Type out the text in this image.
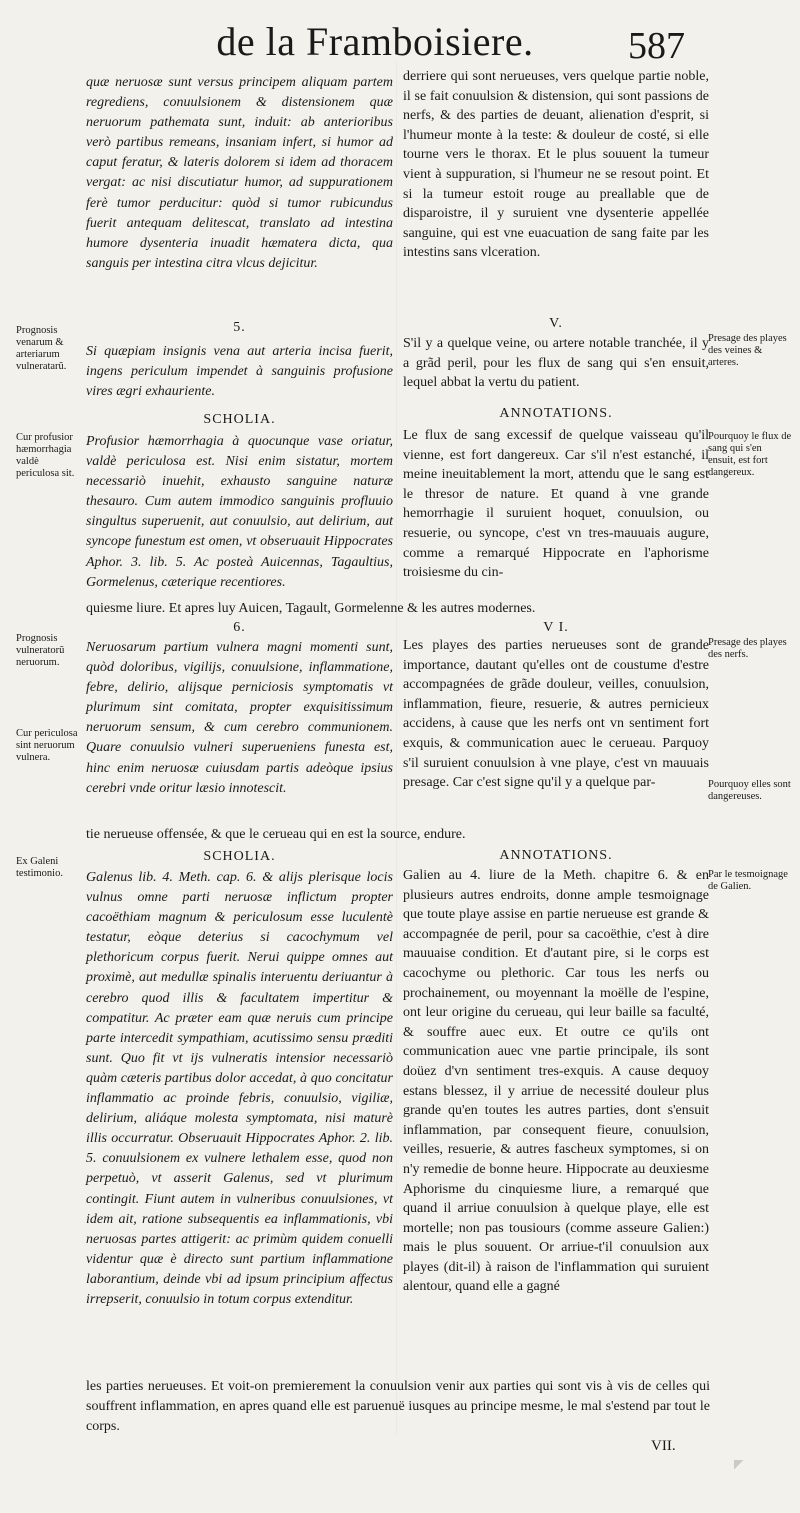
de la Framboisiere. 587
quæ neruosæ sunt versus principem aliquam partem regrediens, conuulsionem & distensionem quæ neruorum pathemata sunt, induit: ab anterioribus verò partibus remeans, insaniam infert, si humor ad caput feratur, & lateris dolorem si idem ad thoracem vergat: ac nisi discutiatur humor, ad suppurationem ferè tumor perducitur: quòd si tumor rubicundus fuerit antequam delitescat, translato ad intestina humore dysenteria inuadit hæmatera dicta, qua sanguis per intestina citra vlcus dejicitur.
5.
Si quæpiam insignis vena aut arteria incisa fuerit, ingens periculum impendet à sanguinis profusione vires ægri exhauriente.
SCHOLIA.
Profusior hæmorrhagia à quocunque vase oriatur, valdè periculosa est. Nisi enim sistatur, mortem necessariò inuehit, exhausto sanguine naturæ thesauro. Cum autem immodico sanguinis profluuio singultus superuenit, aut conuulsio, aut delirium, aut syncope funestum est omen, vt obseruauit Hippocrates Aphor. 3. lib. 5. Ac posteà Auicennas, Tagaultius, Gormelenus, cæterique recentiores.
quiesme liure. Et apres luy Auicen, Tagault, Gormelenne & les autres modernes.
6.
Neruosarum partium vulnera magni momenti sunt, quòd doloribus, vigilijs, conuulsione, inflammatione, febre, delirio, alijsque perniciosis symptomatis vt plurimum sint comitata, propter exquisitissimum neruorum sensum, & cum cerebro communionem. Quare conuulsio vulneri superueniens funesta est, hinc enim neruosæ cuiusdam partis adeòque ipsius cerebri vnde oritur læsio innotescit.
tie nerueuse offensée, & que le cerueau qui en est la source, endure.
SCHOLIA.
Galenus lib. 4. Meth. cap. 6. & alijs plerisque locis vulnus omne parti neruosæ inflictum propter cacoëthiam magnum & periculosum esse luculentè testatur, eòque deterius si cacochymum vel plethoricum corpus fuerit. Nerui quippe omnes aut proximè, aut medullæ spinalis interuentu deriuantur à cerebro quod illis & facultatem impertitur & compatitur. Ac præter eam quæ neruis cum principe parte intercedit sympathiam, acutissimo sensu præditi sunt. Quo fit vt ijs vulneratis intensior necessariò quàm cæteris partibus dolor accedat, à quo concitatur inflammatio ac proinde febris, conuulsio, vigiliæ, delirium, aliáque molesta symptomata, nisi maturè illis occurratur. Obseruauit Hippocrates Aphor. 2. lib. 5. conuulsionem ex vulnere lethalem esse, quod non perpetuò, vt asserit Galenus, sed vt plurimum contingit. Fiunt autem in vulneribus conuulsiones, vt idem ait, ratione subsequentis ea inflammationis, vbi neruosas partes attigerit: ac primùm quidem conuelli videntur quæ è directo sunt partium inflammatione laborantium, deinde vbi ad ipsum principium affectus irrepserit, conuulsio in totum corpus extenditur.
derriere qui sont nerueuses, vers quelque partie noble, il se fait conuulsion & distension, qui sont passions de nerfs, & des parties de deuant, alienation d'esprit, si l'humeur monte à la teste: & douleur de costé, si elle tourne vers le thorax. Et le plus souuent la tumeur vient à suppuration, si l'humeur ne se resout point. Et si la tumeur estoit rouge au preallable que de disparoistre, il y suruient vne dysenterie appellée sanguine, qui est vne euacuation de sang faite par les intestins sans vlceration.
V.
S'il y a quelque veine, ou artere notable tranchée, il y a grãd peril, pour les flux de sang qui s'en ensuit, lequel abbat la vertu du patient.
ANNOTATIONS.
Le flux de sang excessif de quelque vaisseau qu'il vienne, est fort dangereux. Car s'il n'est estanché, il meine ineuitablement la mort, attendu que le sang est le thresor de nature. Et quand à vne grande hemorrhagie il suruient hoquet, conuulsion, ou resuerie, ou syncope, c'est vn tres-mauuais augure, comme a remarqué Hippocrate en l'aphorisme troisiesme du cin-
V I.
Les playes des parties nerueuses sont de grande importance, dautant qu'elles ont de coustume d'estre accompagnées de grãde douleur, veilles, conuulsion, inflammation, fieure, resuerie, & autres pernicieux accidens, à cause que les nerfs ont vn sentiment fort exquis, & communication auec le cerueau. Parquoy s'il suruient conuulsion à vne playe, c'est vn mauuais presage. Car c'est signe qu'il y a quelque par-
ANNOTATIONS.
Galien au 4. liure de la Meth. chapitre 6. & en plusieurs autres endroits, donne ample tesmoignage que toute playe assise en partie nerueuse est grande & accompagnée de peril, pour sa cacoëthie, c'est à dire mauuaise condition. Et d'autant pire, si le corps est cacochyme ou plethoric. Car tous les nerfs ou prochainement, ou moyennant la moëlle de l'espine, ont leur origine du cerueau, qui leur baille sa faculté, & souffre auec eux. Et outre ce qu'ils ont communication auec vne partie principale, ils sont doüez d'vn sentiment tres-exquis. A cause dequoy estans blessez, il y arriue de necessité douleur plus grande qu'en toutes les autres parties, dont s'ensuit inflammation, par consequent fieure, conuulsion, veilles, resuerie, & autres fascheux symptomes, si on n'y remedie de bonne heure. Hippocrate au deuxiesme Aphorisme du cinquiesme liure, a remarqué que quand il arriue conuulsion à quelque playe, elle est mortelle; non pas tousiours (comme asseure Galien:) mais le plus souuent. Or arriue-t'il conuulsion aux playes (dit-il) à raison de l'inflammation qui suruient alentour, quand elle a gagné
les parties nerueuses. Et voit-on premierement la conuulsion venir aux parties qui sont vis à vis de celles qui souffrent inflammation, en apres quand elle est paruenuë iusques au principe mesme, le mal s'estend par tout le corps.
VII.
Prognosis venarum & arteriarum vulneratarũ.
Cur profusior hæmorrhagia valdè periculosa sit.
Prognosis vulneratorũ neruorum.
Cur periculosa sint neruorum vulnera.
Ex Galeni testimonio.
Presage des playes des veines & arteres.
Pourquoy le flux de sang qui s'en ensuit, est fort dangereux.
Presage des playes des nerfs.
Pourquoy elles sont dangereuses.
Par le tesmoignage de Galien.
